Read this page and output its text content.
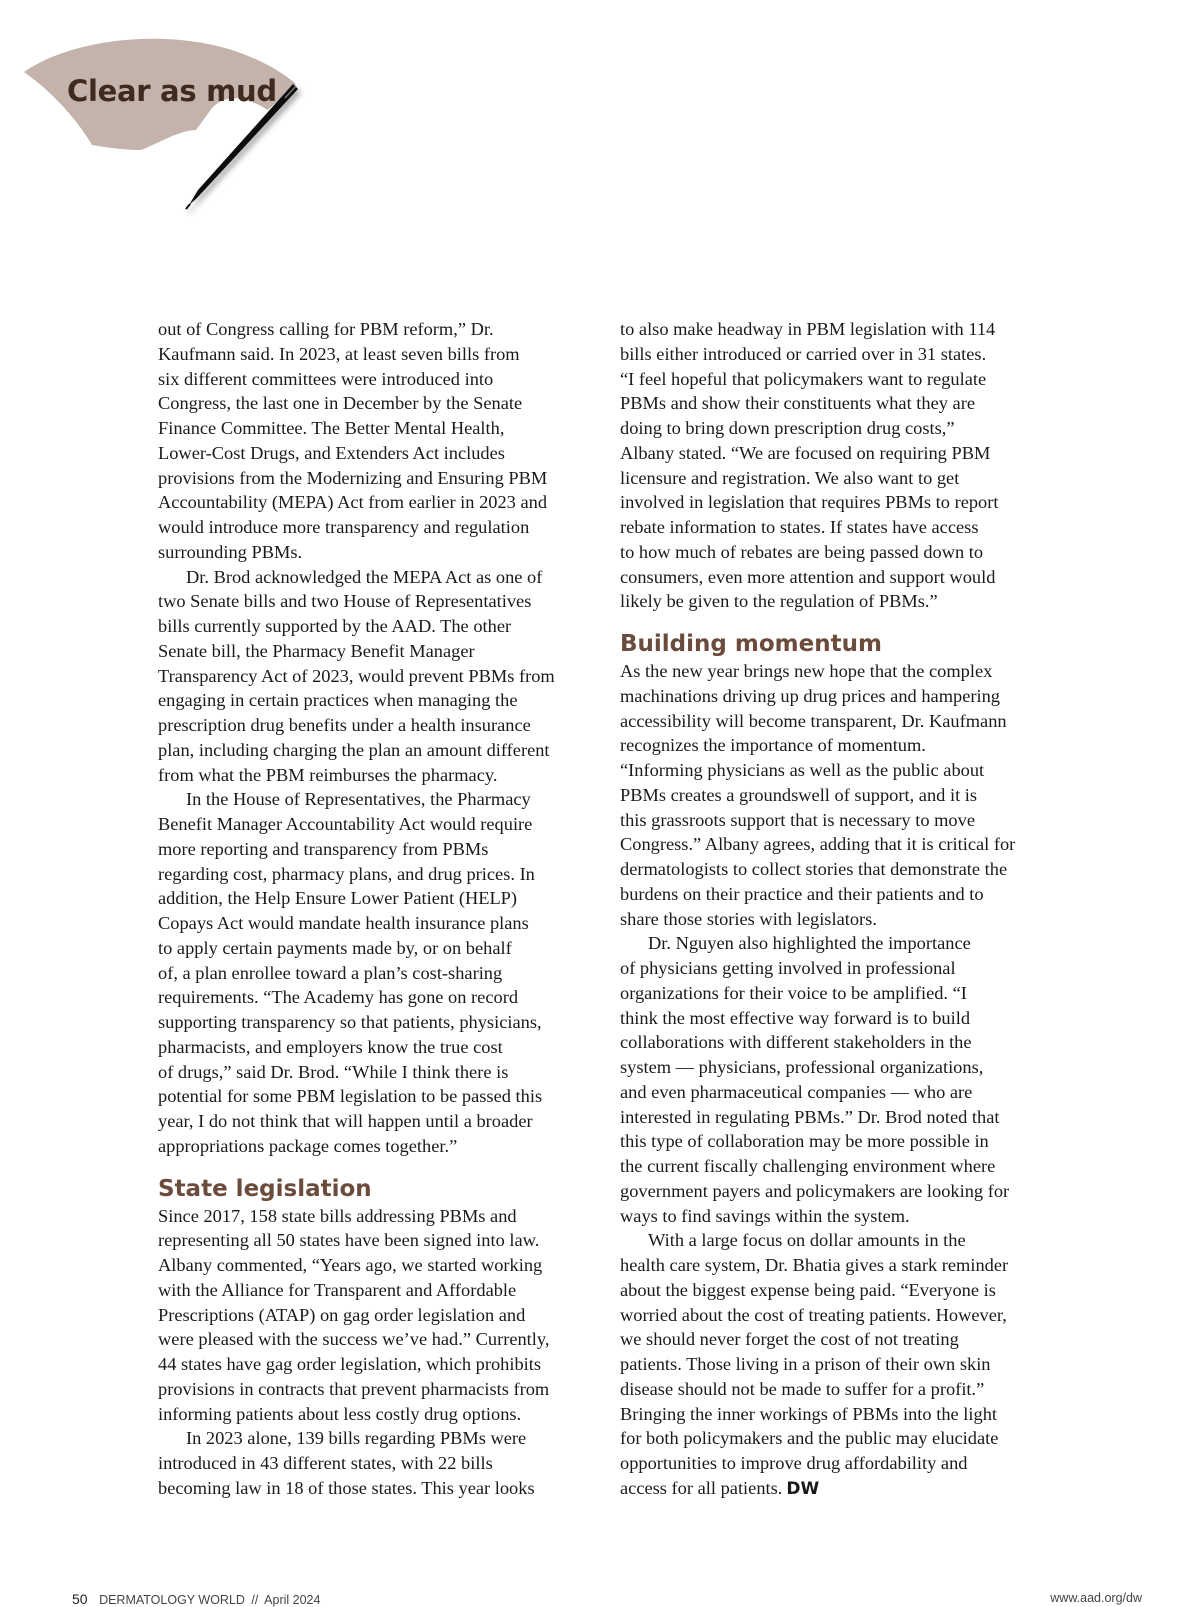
Clear as mud
out of Congress calling for PBM reform,” Dr.
Kaufmann said. In 2023, at least seven bills from
six different committees were introduced into
Congress, the last one in December by the Senate
Finance Committee. The Better Mental Health,
Lower-Cost Drugs, and Extenders Act includes
provisions from the Modernizing and Ensuring PBM
Accountability (MEPA) Act from earlier in 2023 and
would introduce more transparency and regulation
surrounding PBMs.
Dr. Brod acknowledged the MEPA Act as one of
two Senate bills and two House of Representatives
bills currently supported by the AAD. The other
Senate bill, the Pharmacy Benefit Manager
Transparency Act of 2023, would prevent PBMs from
engaging in certain practices when managing the
prescription drug benefits under a health insurance
plan, including charging the plan an amount different
from what the PBM reimburses the pharmacy.
In the House of Representatives, the Pharmacy
Benefit Manager Accountability Act would require
more reporting and transparency from PBMs
regarding cost, pharmacy plans, and drug prices. In
addition, the Help Ensure Lower Patient (HELP)
Copays Act would mandate health insurance plans
to apply certain payments made by, or on behalf
of, a plan enrollee toward a plan’s cost-sharing
requirements. “The Academy has gone on record
supporting transparency so that patients, physicians,
pharmacists, and employers know the true cost
of drugs,” said Dr. Brod. “While I think there is
potential for some PBM legislation to be passed this
year, I do not think that will happen until a broader
appropriations package comes together.”
State legislation
Since 2017, 158 state bills addressing PBMs and
representing all 50 states have been signed into law.
Albany commented, “Years ago, we started working
with the Alliance for Transparent and Affordable
Prescriptions (ATAP) on gag order legislation and
were pleased with the success we’ve had.” Currently,
44 states have gag order legislation, which prohibits
provisions in contracts that prevent pharmacists from
informing patients about less costly drug options.
In 2023 alone, 139 bills regarding PBMs were
introduced in 43 different states, with 22 bills
becoming law in 18 of those states. This year looks
to also make headway in PBM legislation with 114
bills either introduced or carried over in 31 states.
“I feel hopeful that policymakers want to regulate
PBMs and show their constituents what they are
doing to bring down prescription drug costs,”
Albany stated. “We are focused on requiring PBM
licensure and registration. We also want to get
involved in legislation that requires PBMs to report
rebate information to states. If states have access
to how much of rebates are being passed down to
consumers, even more attention and support would
likely be given to the regulation of PBMs.”
Building momentum
As the new year brings new hope that the complex
machinations driving up drug prices and hampering
accessibility will become transparent, Dr. Kaufmann
recognizes the importance of momentum.
“Informing physicians as well as the public about
PBMs creates a groundswell of support, and it is
this grassroots support that is necessary to move
Congress.” Albany agrees, adding that it is critical for
dermatologists to collect stories that demonstrate the
burdens on their practice and their patients and to
share those stories with legislators.
Dr. Nguyen also highlighted the importance
of physicians getting involved in professional
organizations for their voice to be amplified. “I
think the most effective way forward is to build
collaborations with different stakeholders in the
system — physicians, professional organizations,
and even pharmaceutical companies — who are
interested in regulating PBMs.” Dr. Brod noted that
this type of collaboration may be more possible in
the current fiscally challenging environment where
government payers and policymakers are looking for
ways to find savings within the system.
With a large focus on dollar amounts in the
health care system, Dr. Bhatia gives a stark reminder
about the biggest expense being paid. “Everyone is
worried about the cost of treating patients. However,
we should never forget the cost of not treating
patients. Those living in a prison of their own skin
disease should not be made to suffer for a profit.”
Bringing the inner workings of PBMs into the light
for both policymakers and the public may elucidate
opportunities to improve drug affordability and
access for all patients. DW
50 DERMATOLOGY WORLD // April 2024	www.aad.org/dw
